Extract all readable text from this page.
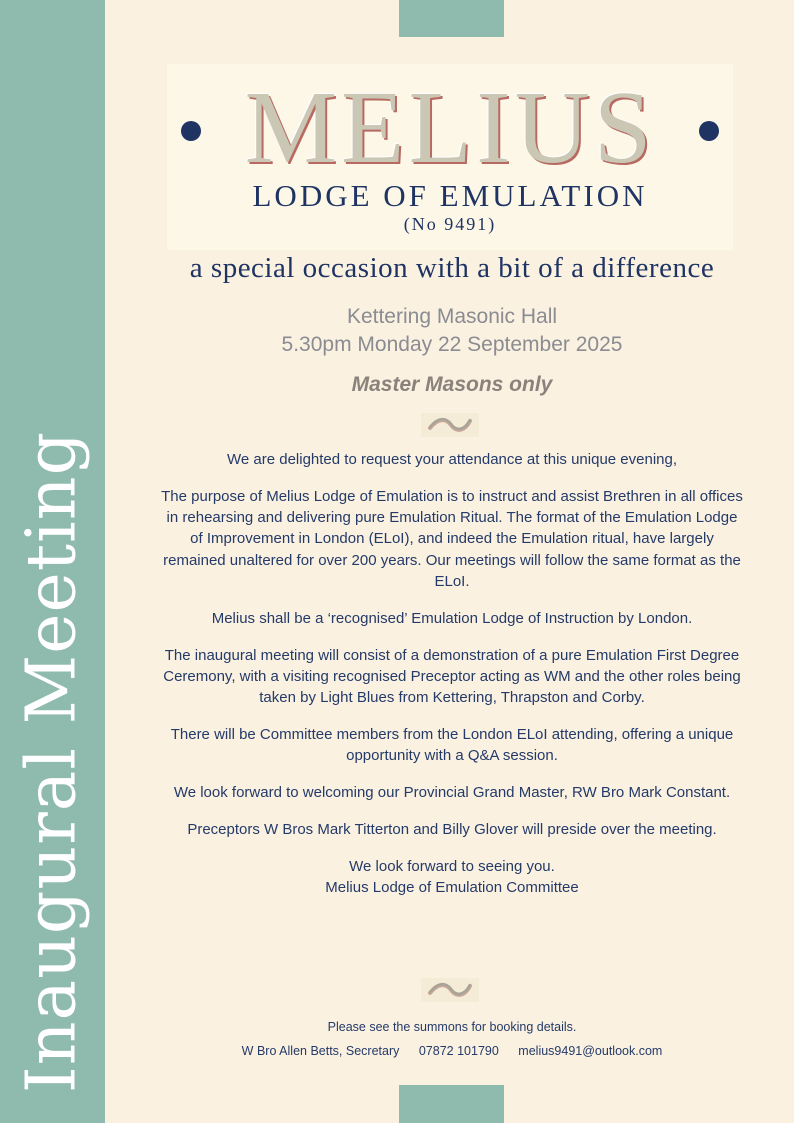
Inaugural Meeting
MELIUS
LODGE OF EMULATION
(No 9491)
a special occasion with a bit of a difference
Kettering Masonic Hall
5.30pm Monday 22 September 2025
Master Masons only

We are delighted to request your attendance at this unique evening,

The purpose of Melius Lodge of Emulation is to instruct and assist Brethren in all offices in rehearsing and delivering pure Emulation Ritual. The format of the Emulation Lodge of Improvement in London (ELoI), and indeed the Emulation ritual, have largely remained unaltered for over 200 years. Our meetings will follow the same format as the ELoI.

Melius shall be a ‘recognised’ Emulation Lodge of Instruction by London.

The inaugural meeting will consist of a demonstration of a pure Emulation First Degree Ceremony, with a visiting recognised Preceptor acting as WM and the other roles being taken by Light Blues from Kettering, Thrapston and Corby.

There will be Committee members from the London ELoI attending, offering a unique opportunity with a Q&A session.

We look forward to welcoming our Provincial Grand Master, RW Bro Mark Constant.

Preceptors W Bros Mark Titterton and Billy Glover will preside over the meeting.

We look forward to seeing you.
Melius Lodge of Emulation Committee

Please see the summons for booking details.
W Bro Allen Betts, Secretary 07872 101790 melius9491@outlook.com
